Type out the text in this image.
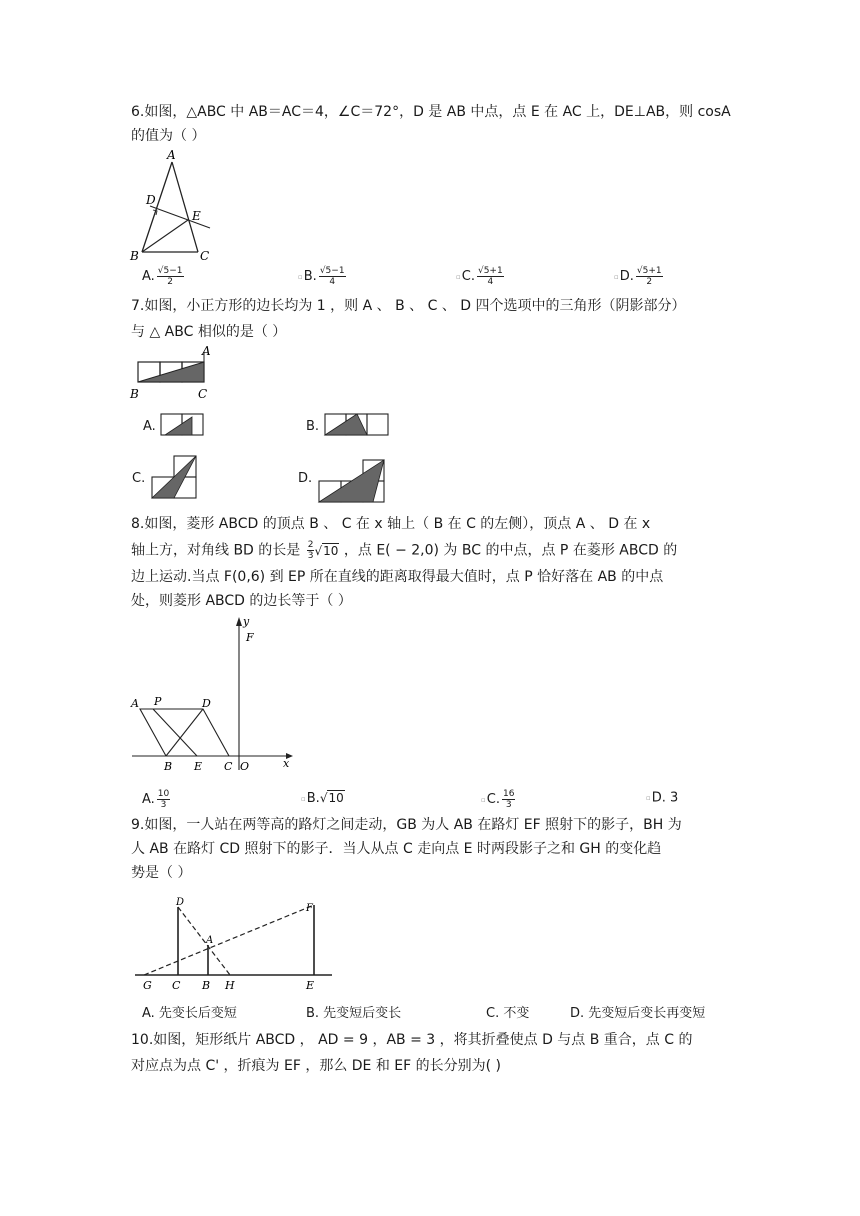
6.如图，△ABC 中 AB＝AC＝4，∠C＝72°，D 是 AB 中点，点 E 在 AC 上，DE⊥AB，则 cosA
的值为（ ）
A
D
E
B	C
A. $\frac{√5-1}{2}$	▫B. $\frac{√5-1}{4}$	▫C. $\frac{√5+1}{4}$	▫D. $\frac{√5+1}{2}$
7.如图，小正方形的边长均为 1 ，则 A 、 B 、 C 、 D 四个选项中的三角形（阴影部分）
与 △ ABC 相似的是（ ）
A
B	C
A.	B.
C.	D.
8.如图，菱形 ABCD 的顶点 B 、 C 在 x 轴上（ B 在 C 的左侧），顶点 A 、 D 在 x
轴上方，对角线 BD 的长是 $\frac{2}{3} √10$ ，点 E( − 2,0) 为 BC 的中点，点 P 在菱形 ABCD 的
边上运动.当点 F(0,6) 到 EP 所在直线的距离取得最大值时，点 P 恰好落在 AB 的中点
处，则菱形 ABCD 的边长等于（ ）
y
F
A P	D
B E C O	x
A. $\frac{10}{3}$	▫B.√10	▫C. $\frac{16}{3}$	▫D. 3
9.如图，一人站在两等高的路灯之间走动，GB 为人 AB 在路灯 EF 照射下的影子，BH 为
人 AB 在路灯 CD 照射下的影子．当人从点 C 走向点 E 时两段影子之和 GH 的变化趋
势是（ ）
D
F
A
G C B H	E
A. 先变长后变短	B. 先变短后变长	C. 不变	D. 先变短后变长再变短
10.如图，矩形纸片 ABCD ， AD = 9 ，AB = 3 ，将其折叠使点 D 与点 B 重合，点 C 的
对应点为点 C' ，折痕为 EF ，那么 DE 和 EF 的长分别为( )
